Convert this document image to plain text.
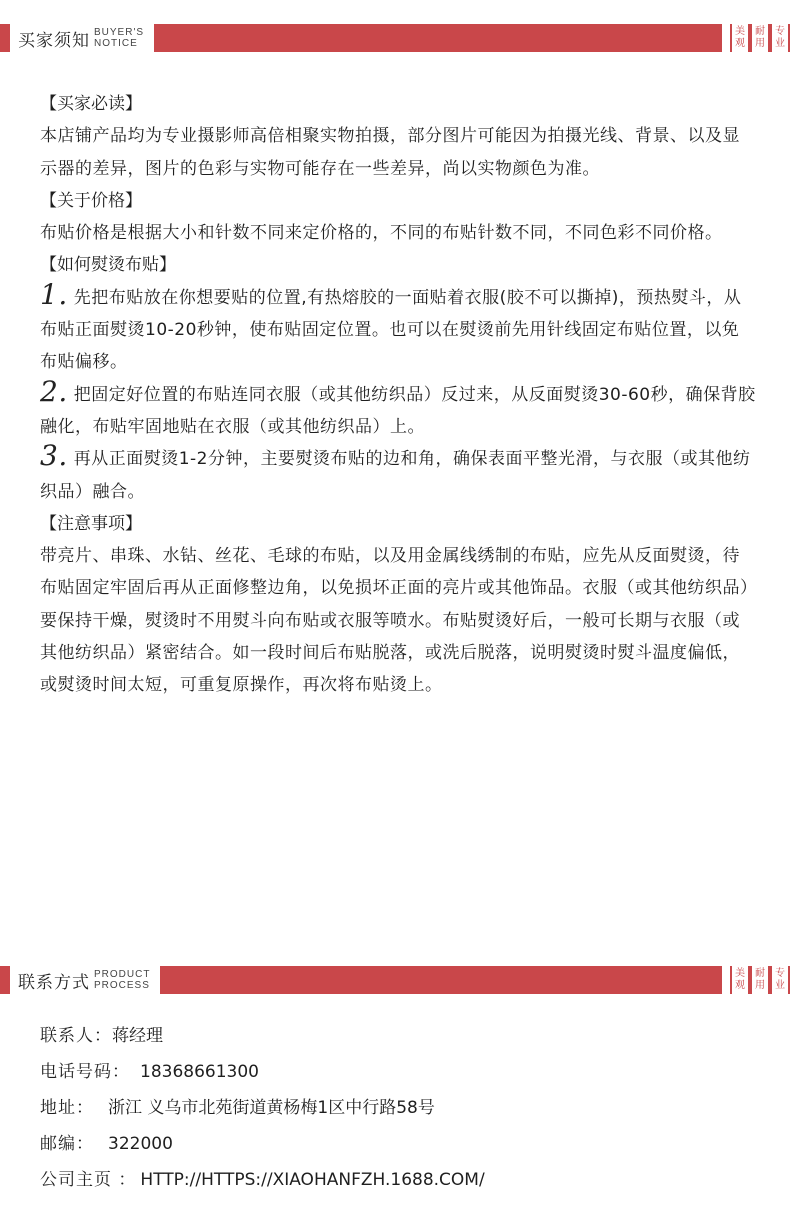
买家须知 BUYER'S
NOTICE
美
观
耐
用
专
业

【买家必读】

本店铺产品均为专业摄影师高倍相聚实物拍摄，部分图片可能因为拍摄光线、背景、以及显示器的差异，图片的色彩与实物可能存在一些差异，尚以实物颜色为准。

【关于价格】

布贴价格是根据大小和针数不同来定价格的，不同的布贴针数不同，不同色彩不同价格。

【如何熨烫布贴】

1. 先把布贴放在你想要贴的位置,有热熔胶的一面贴着衣服(胶不可以撕掉)，预热熨斗，从布贴正面熨烫10-20秒钟，使布贴固定位置。也可以在熨烫前先用针线固定布贴位置，以免布贴偏移。

2. 把固定好位置的布贴连同衣服（或其他纺织品）反过来，从反面熨烫30-60秒，确保背胶融化，布贴牢固地贴在衣服（或其他纺织品）上。

3. 再从正面熨烫1-2分钟，主要熨烫布贴的边和角，确保表面平整光滑，与衣服（或其他纺织品）融合。

【注意事项】

带亮片、串珠、水钻、丝花、毛球的布贴，以及用金属线绣制的布贴，应先从反面熨烫，待布贴固定牢固后再从正面修整边角，以免损坏正面的亮片或其他饰品。衣服（或其他纺织品）要保持干燥，熨烫时不用熨斗向布贴或衣服等喷水。布贴熨烫好后，一般可长期与衣服（或其他纺织品）紧密结合。如一段时间后布贴脱落，或洗后脱落，说明熨烫时熨斗温度偏低，或熨烫时间太短，可重复原操作，再次将布贴烫上。

联系方式 PRODUCT
PROCESS
美
观
耐
用
专
业
联系人：蒋经理
电话号码： 18368661300
地址： 浙江 义乌市北苑街道黄杨梅1区中行路58号
邮编： 322000
公司主页 ： HTTP://HTTPS://XIAOHANFZH.1688.COM/
